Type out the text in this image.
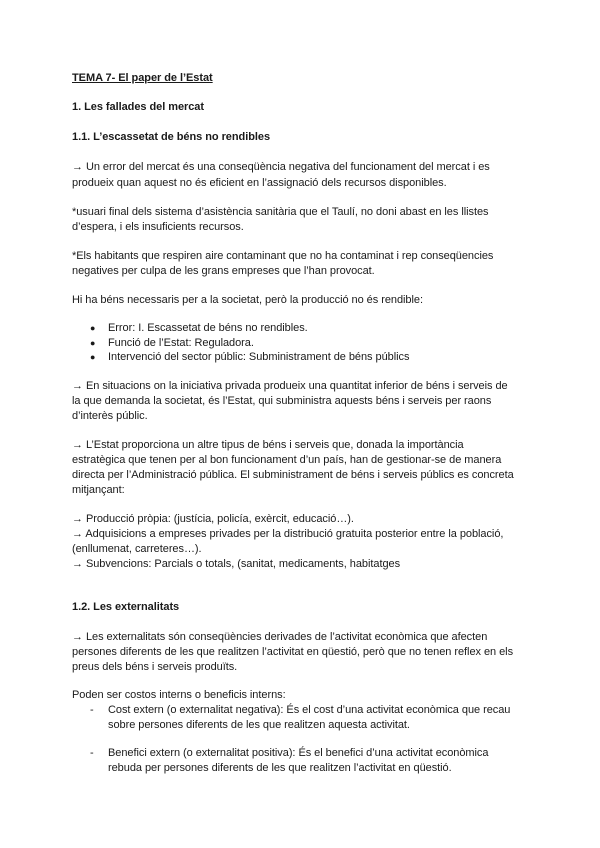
TEMA 7- El paper de l’Estat
1. Les fallades del mercat
1.1. L’escassetat de béns no rendibles
→ Un error del mercat és una conseqüència negativa del funcionament del mercat i es
produeix quan aquest no és eficient en l’assignació dels recursos disponibles.
*usuari final dels sistema d’asistència sanitària que el Taulí, no doni abast en les llistes
d’espera, i els insuficients recursos.
*Els habitants que respiren aire contaminant que no ha contaminat i rep conseqüencies
negatives per culpa de les grans empreses que l’han provocat.
Hi ha béns necessaris per a la societat, però la producció no és rendible:
● Error: I. Escassetat de béns no rendibles.
● Funció de l’Estat: Reguladora.
● Intervenció del sector públic: Subministrament de béns públics
→ En situacions on la iniciativa privada produeix una quantitat inferior de béns i serveis de
la que demanda la societat, és l’Estat, qui subministra aquests béns i serveis per raons
d’interès públic.
→ L’Estat proporciona un altre tipus de béns i serveis que, donada la importància
estratègica que tenen per al bon funcionament d’un país, han de gestionar-se de manera
directa per l’Administració pública. El subministrament de béns i serveis públics es concreta
mitjançant:
→ Producció pròpia: (justícia, policía, exèrcit, educació…).
→ Adquisicions a empreses privades per la distribució gratuita posterior entre la població,
(enllumenat, carreteres…).
→ Subvencions: Parcials o totals, (sanitat, medicaments, habitatges
1.2. Les externalitats
→ Les externalitats són conseqüències derivades de l’activitat econòmica que afecten
persones diferents de les que realitzen l’activitat en qüestió, però que no tenen reflex en els
preus dels béns i serveis produïts.
Poden ser costos interns o beneficis interns:
- Cost extern (o externalitat negativa): És el cost d’una activitat econòmica que recau
sobre persones diferents de les que realitzen aquesta activitat.
- Benefici extern (o externalitat positiva): És el benefici d’una activitat econòmica
rebuda per persones diferents de les que realitzen l’activitat en qüestió.
